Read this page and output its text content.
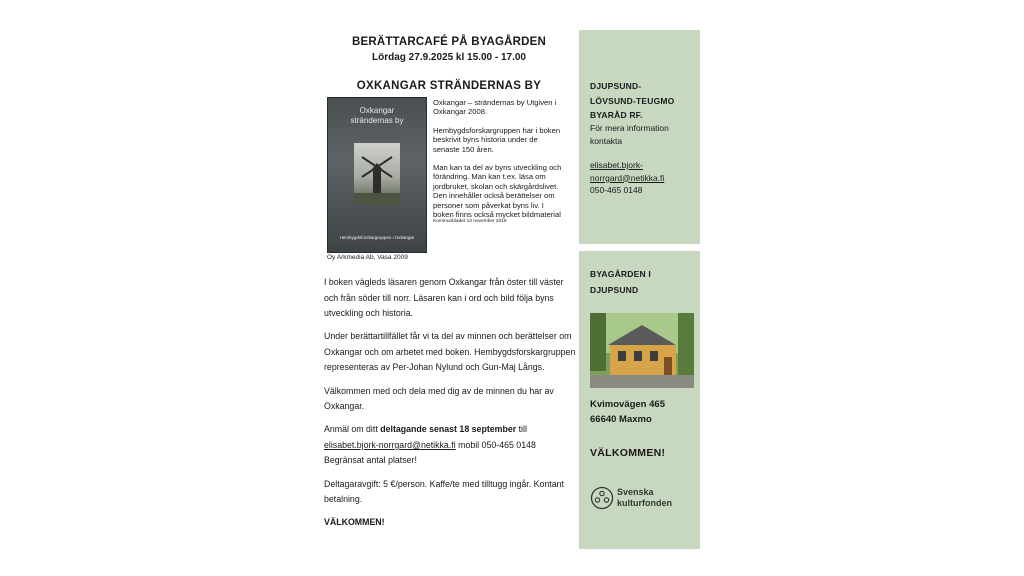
BERÄTTARCAFÉ PÅ BYAGÅRDEN
Lördag 27.9.2025 kl 15.00 - 17.00
OXKANGAR STRÄNDERNAS BY
Oxkangar
strändernas by
Hembygdsforskargruppen i Oxkangar
Oy Arkmedia Ab, Vasa 2009

Oxkangar – strändernas by Utgiven i Oxkangar 2008.

Hembygdsforskargruppen har i boken beskrivit byns historia under de senaste 150 åren.

Man kan ta del av byns utveckling och förändring. Man kan t.ex. läsa om jordbruket, skolan och skärgårdslivet. Den innehåller också berättelser om personer som påverkat byns liv. I boken finns också mycket bildmaterial

Kommunbladet 13 november 2019

I boken vägleds läsaren genom Oxkangar från öster till väster och från söder till norr. Läsaren kan i ord och bild följa byns utveckling och historia.

Under berättartillfället får vi ta del av minnen och berättelser om Oxkangar och om arbetet med boken. Hembygdsforskargruppen representeras av Per-Johan Nylund och Gun-Maj Långs.

Välkommen med och dela med dig av de minnen du har av Oxkangar.

Anmäl om ditt deltagande senast 18 september till
elisabet.bjork-norrgard@netikka.fi mobil 050-465 0148
Begränsat antal platser!

Deltagaravgift: 5 €/person. Kaffe/te med tilltugg ingår. Kontant betalning.

VÄLKOMMEN!

DJUPSUND-
LÖVSUND-TEUGMO
BYARÅD RF.
För mera information kontakta
elisabet.bjork-
norrgard@netikka.fi
050-465 0148
BYAGÅRDEN I
DJUPSUND
Kvimovägen 465
66640 Maxmo
VÄLKOMMEN!
Svenska
kulturfonden
